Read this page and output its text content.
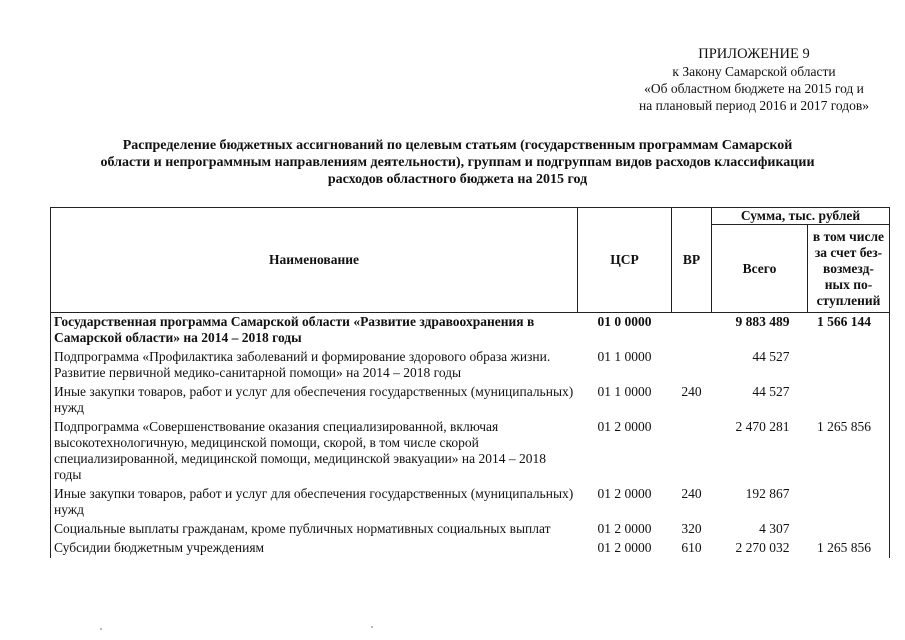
ПРИЛОЖЕНИЕ 9
к Закону Самарской области
«Об областном бюджете на 2015 год и
на плановый период 2016 и 2017 годов»
Распределение бюджетных ассигнований по целевым статьям (государственным программам Самарской
области и непрограммным направлениям деятельности), группам и подгруппам видов расходов классификации
расходов областного бюджета на 2015 год
Наименование	ЦСР	ВР	Сумма, тыс. рублей	
			Всего	в том числе за счет без-возмезд-ных по-ступлений
Государственная программа Самарской области «Развитие здравоохранения в Самарской области» на 2014 – 2018 годы	01 0 0000		9 883 489	1 566 144
Подпрограмма «Профилактика заболеваний и формирование здорового образа жизни. Развитие первичной медико-санитарной помощи» на 2014 – 2018 годы	01 1 0000		44 527	
Иные закупки товаров, работ и услуг для обеспечения государственных (муниципальных) нужд	01 1 0000	240	44 527	
Подпрограмма «Совершенствование оказания специализированной, включая высокотехнологичную, медицинской помощи, скорой, в том числе скорой специализированной, медицинской помощи, медицинской эвакуации» на 2014 – 2018 годы	01 2 0000		2 470 281	1 265 856
Иные закупки товаров, работ и услуг для обеспечения государственных (муниципальных) нужд	01 2 0000	240	192 867	
Социальные выплаты гражданам, кроме публичных нормативных социальных выплат	01 2 0000	320	4 307	
Субсидии бюджетным учреждениям	01 2 0000	610	2 270 032	1 265 856
